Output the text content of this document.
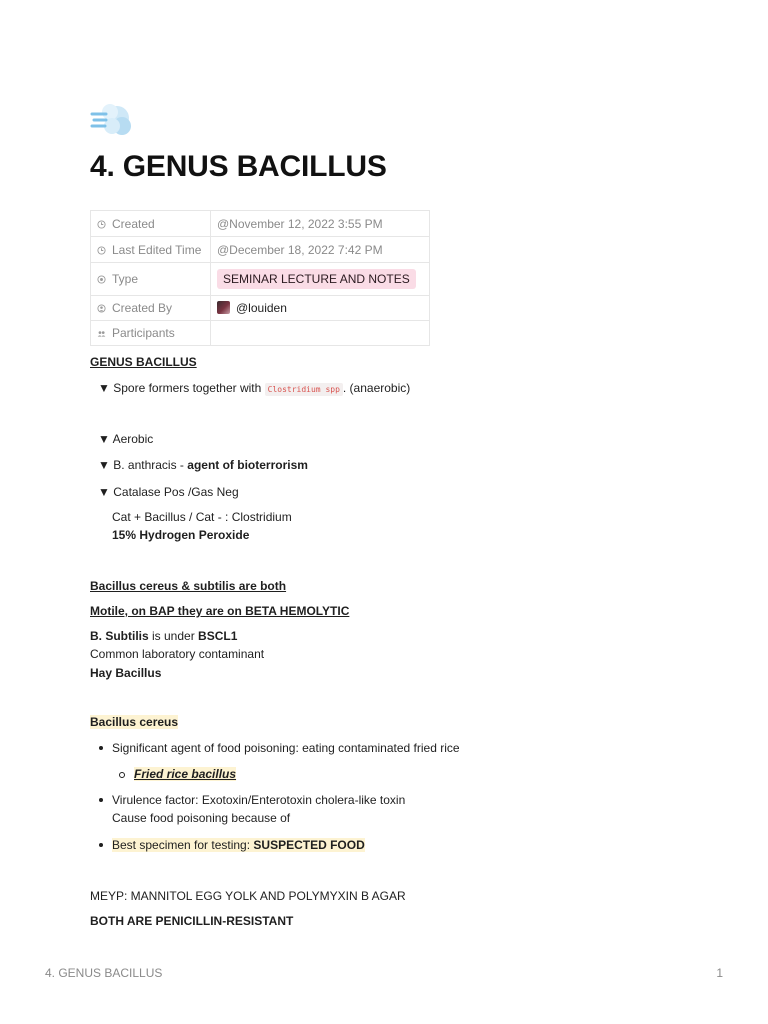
4. GENUS BACILLUS
Created	@November 12, 2022 3:55 PM
Last Edited Time	@December 18, 2022 7:42 PM
Type	SEMINAR LECTURE AND NOTES
Created By	@louiden
Participants	
GENUS BACILLUS
▼ Spore formers together with Clostridium spp . (anaerobic)
▼ Aerobic
▼ B. anthracis - agent of bioterrorism
▼ Catalase Pos /Gas Neg
Cat + Bacillus / Cat - : Clostridium
15% Hydrogen Peroxide
Bacillus cereus & subtilis are both
Motile, on BAP they are on BETA HEMOLYTIC
B. Subtilis is under BSCL1
Common laboratory contaminant
Hay Bacillus
Bacillus cereus
Significant agent of food poisoning: eating contaminated fried rice
Fried rice bacillus
Virulence factor: Exotoxin/Enterotoxin cholera-like toxin
Cause food poisoning because of
Best specimen for testing: SUSPECTED FOOD
MEYP: MANNITOL EGG YOLK AND POLYMYXIN B AGAR
BOTH ARE PENICILLIN-RESISTANT
4. GENUS BACILLUS	1
